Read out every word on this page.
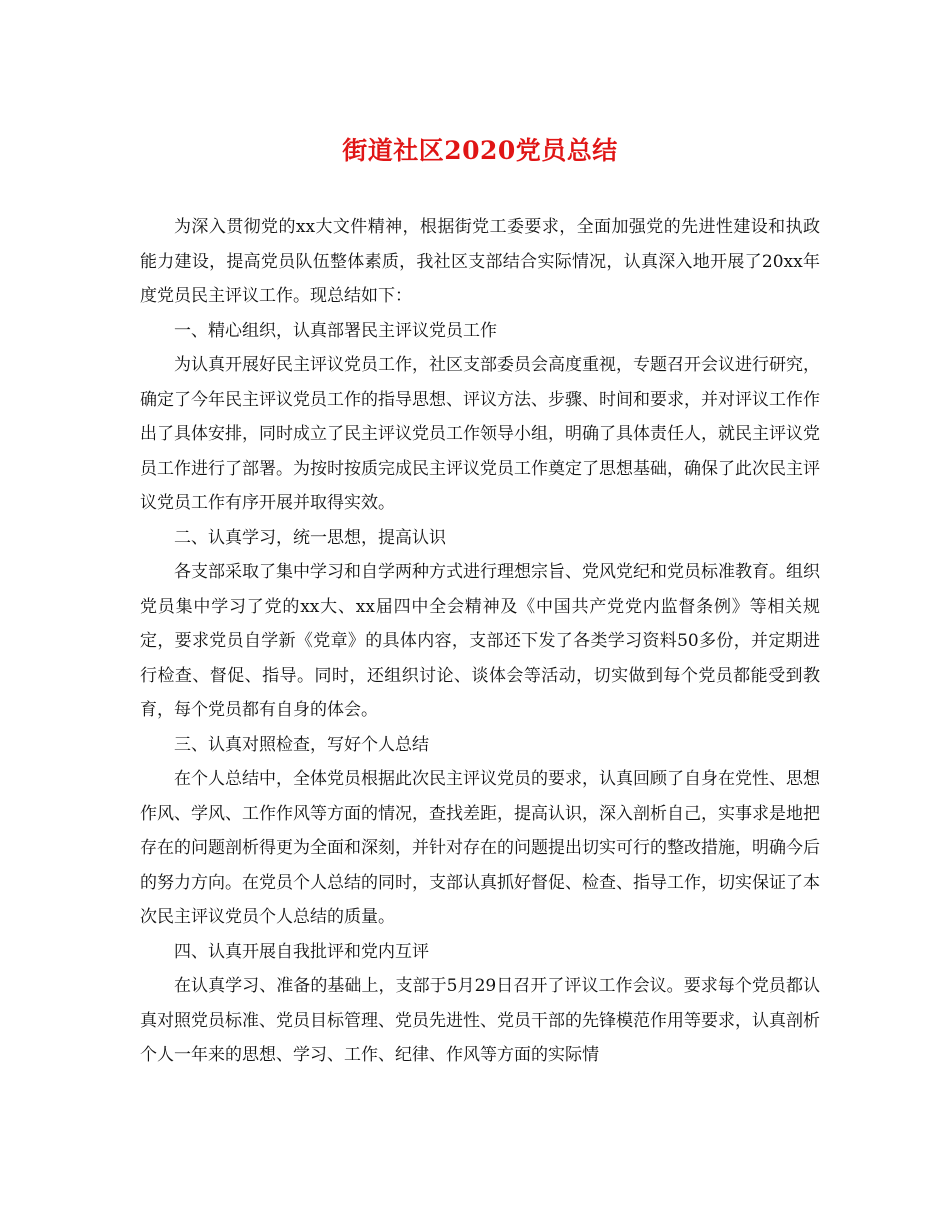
街道社区2020党员总结

为深入贯彻党的xx大文件精神，根据街党工委要求，全面加强党的先进性建设和执政能力建设，提高党员队伍整体素质，我社区支部结合实际情况，认真深入地开展了20xx年度党员民主评议工作。现总结如下：

一、精心组织，认真部署民主评议党员工作

为认真开展好民主评议党员工作，社区支部委员会高度重视，专题召开会议进行研究，确定了今年民主评议党员工作的指导思想、评议方法、步骤、时间和要求，并对评议工作作出了具体安排，同时成立了民主评议党员工作领导小组，明确了具体责任人，就民主评议党员工作进行了部署。为按时按质完成民主评议党员工作奠定了思想基础，确保了此次民主评议党员工作有序开展并取得实效。

二、认真学习，统一思想，提高认识

各支部采取了集中学习和自学两种方式进行理想宗旨、党风党纪和党员标准教育。组织党员集中学习了党的xx大、xx届四中全会精神及《中国共产党党内监督条例》等相关规定，要求党员自学新《党章》的具体内容，支部还下发了各类学习资料50多份，并定期进行检查、督促、指导。同时，还组织讨论、谈体会等活动，切实做到每个党员都能受到教育，每个党员都有自身的体会。

三、认真对照检查，写好个人总结

在个人总结中，全体党员根据此次民主评议党员的要求，认真回顾了自身在党性、思想作风、学风、工作作风等方面的情况，查找差距，提高认识，深入剖析自己，实事求是地把存在的问题剖析得更为全面和深刻，并针对存在的问题提出切实可行的整改措施，明确今后的努力方向。在党员个人总结的同时，支部认真抓好督促、检查、指导工作，切实保证了本次民主评议党员个人总结的质量。

四、认真开展自我批评和党内互评

在认真学习、准备的基础上，支部于5月29日召开了评议工作会议。要求每个党员都认真对照党员标准、党员目标管理、党员先进性、党员干部的先锋模范作用等要求，认真剖析个人一年来的思想、学习、工作、纪律、作风等方面的实际情
